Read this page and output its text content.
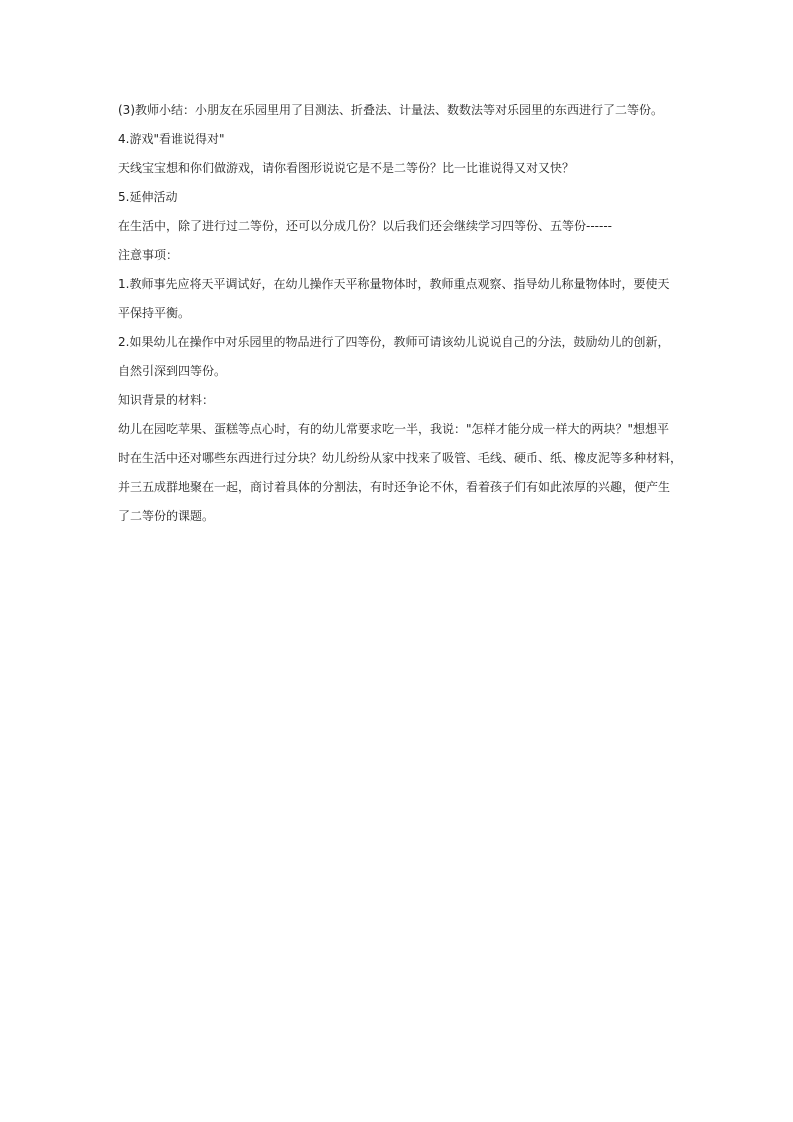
(3)教师小结：小朋友在乐园里用了目测法、折叠法、计量法、数数法等对乐园里的东西进行了二等份。
4.游戏"看谁说得对"
天线宝宝想和你们做游戏，请你看图形说说它是不是二等份？比一比谁说得又对又快？
5.延伸活动
在生活中，除了进行过二等份，还可以分成几份？以后我们还会继续学习四等份、五等份------
注意事项：
1.教师事先应将天平调试好，在幼儿操作天平称量物体时，教师重点观察、指导幼儿称量物体时，要使天
平保持平衡。
2.如果幼儿在操作中对乐园里的物品进行了四等份，教师可请该幼儿说说自己的分法，鼓励幼儿的创新，
自然引深到四等份。
知识背景的材料：
幼儿在园吃苹果、蛋糕等点心时，有的幼儿常要求吃一半，我说："怎样才能分成一样大的两块？"想想平
时在生活中还对哪些东西进行过分块？幼儿纷纷从家中找来了吸管、毛线、硬币、纸、橡皮泥等多种材料，
并三五成群地聚在一起，商讨着具体的分割法，有时还争论不休，看着孩子们有如此浓厚的兴趣，便产生
了二等份的课题。
